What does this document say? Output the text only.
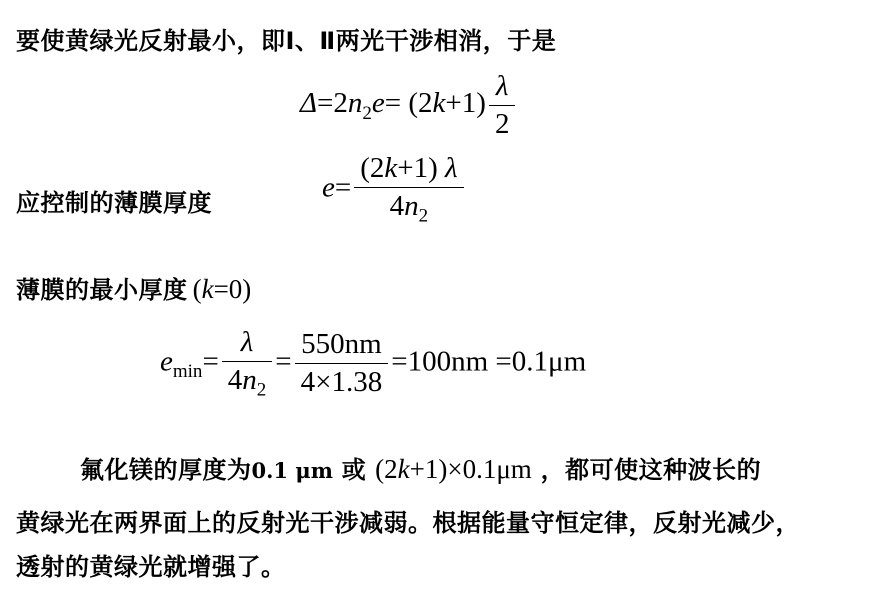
要使黄绿光反射最小，即Ⅰ、Ⅱ两光干涉相消，于是
$\Delta=2n_2e= (2k+1) \frac{\lambda}{2}$
应控制的薄膜厚度	$e= \frac{(2k+1) \lambda}{4n_2}$
薄膜的最小厚度 (k=0)
$e_{min}= \frac{\lambda}{4n_2} = \frac{550nm}{4\times 1.38} =100nm =0.1\mu m$
氟化镁的厚度为0.1 μm 或 (2k+1)×0.1μm ，都可使这种波长的
黄绿光在两界面上的反射光干涉减弱。根据能量守恒定律，反射光减少，
透射的黄绿光就增强了。
